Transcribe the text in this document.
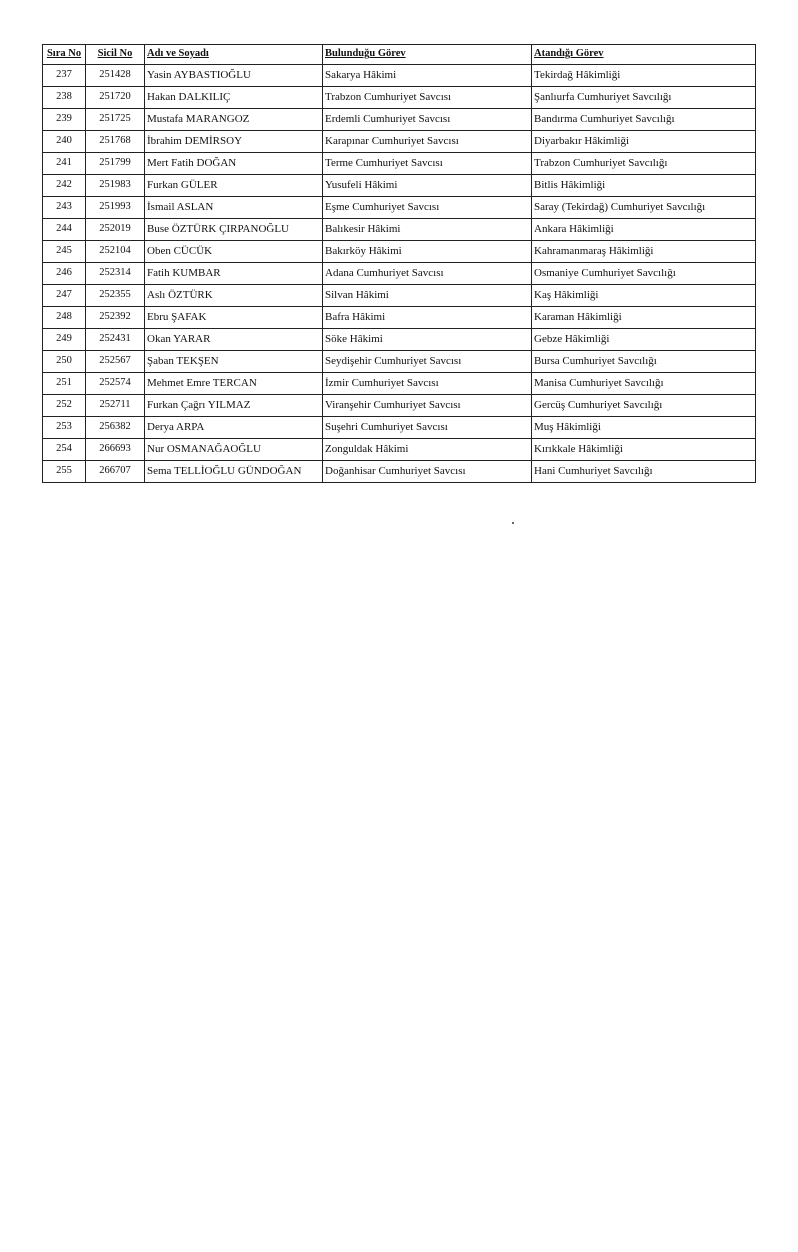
Sıra No	Sicil No	Adı ve Soyadı	Bulunduğu Görev	Atandığı Görev
237	251428	Yasin AYBASTIOĞLU	Sakarya Hâkimi	Tekirdağ Hâkimliği
238	251720	Hakan DALKILIÇ	Trabzon Cumhuriyet Savcısı	Şanlıurfa Cumhuriyet Savcılığı
239	251725	Mustafa MARANGOZ	Erdemli Cumhuriyet Savcısı	Bandırma Cumhuriyet Savcılığı
240	251768	İbrahim DEMİRSOY	Karapınar Cumhuriyet Savcısı	Diyarbakır Hâkimliği
241	251799	Mert Fatih DOĞAN	Terme Cumhuriyet Savcısı	Trabzon Cumhuriyet Savcılığı
242	251983	Furkan GÜLER	Yusufeli Hâkimi	Bitlis Hâkimliği
243	251993	İsmail ASLAN	Eşme Cumhuriyet Savcısı	Saray (Tekirdağ) Cumhuriyet Savcılığı
244	252019	Buse ÖZTÜRK ÇIRPANOĞLU	Balıkesir Hâkimi	Ankara Hâkimliği
245	252104	Oben CÜCÜK	Bakırköy Hâkimi	Kahramanmaraş Hâkimliği
246	252314	Fatih KUMBAR	Adana Cumhuriyet Savcısı	Osmaniye Cumhuriyet Savcılığı
247	252355	Aslı ÖZTÜRK	Silvan Hâkimi	Kaş Hâkimliği
248	252392	Ebru ŞAFAK	Bafra Hâkimi	Karaman Hâkimliği
249	252431	Okan YARAR	Söke Hâkimi	Gebze Hâkimliği
250	252567	Şaban TEKŞEN	Seydişehir Cumhuriyet Savcısı	Bursa Cumhuriyet Savcılığı
251	252574	Mehmet Emre TERCAN	İzmir Cumhuriyet Savcısı	Manisa Cumhuriyet Savcılığı
252	252711	Furkan Çağrı YILMAZ	Viranşehir Cumhuriyet Savcısı	Gercüş Cumhuriyet Savcılığı
253	256382	Derya ARPA	Suşehri Cumhuriyet Savcısı	Muş Hâkimliği
254	266693	Nur OSMANAĞAOĞLU	Zonguldak Hâkimi	Kırıkkale Hâkimliği
255	266707	Sema TELLİOĞLU GÜNDOĞAN	Doğanhisar Cumhuriyet Savcısı	Hani Cumhuriyet Savcılığı
